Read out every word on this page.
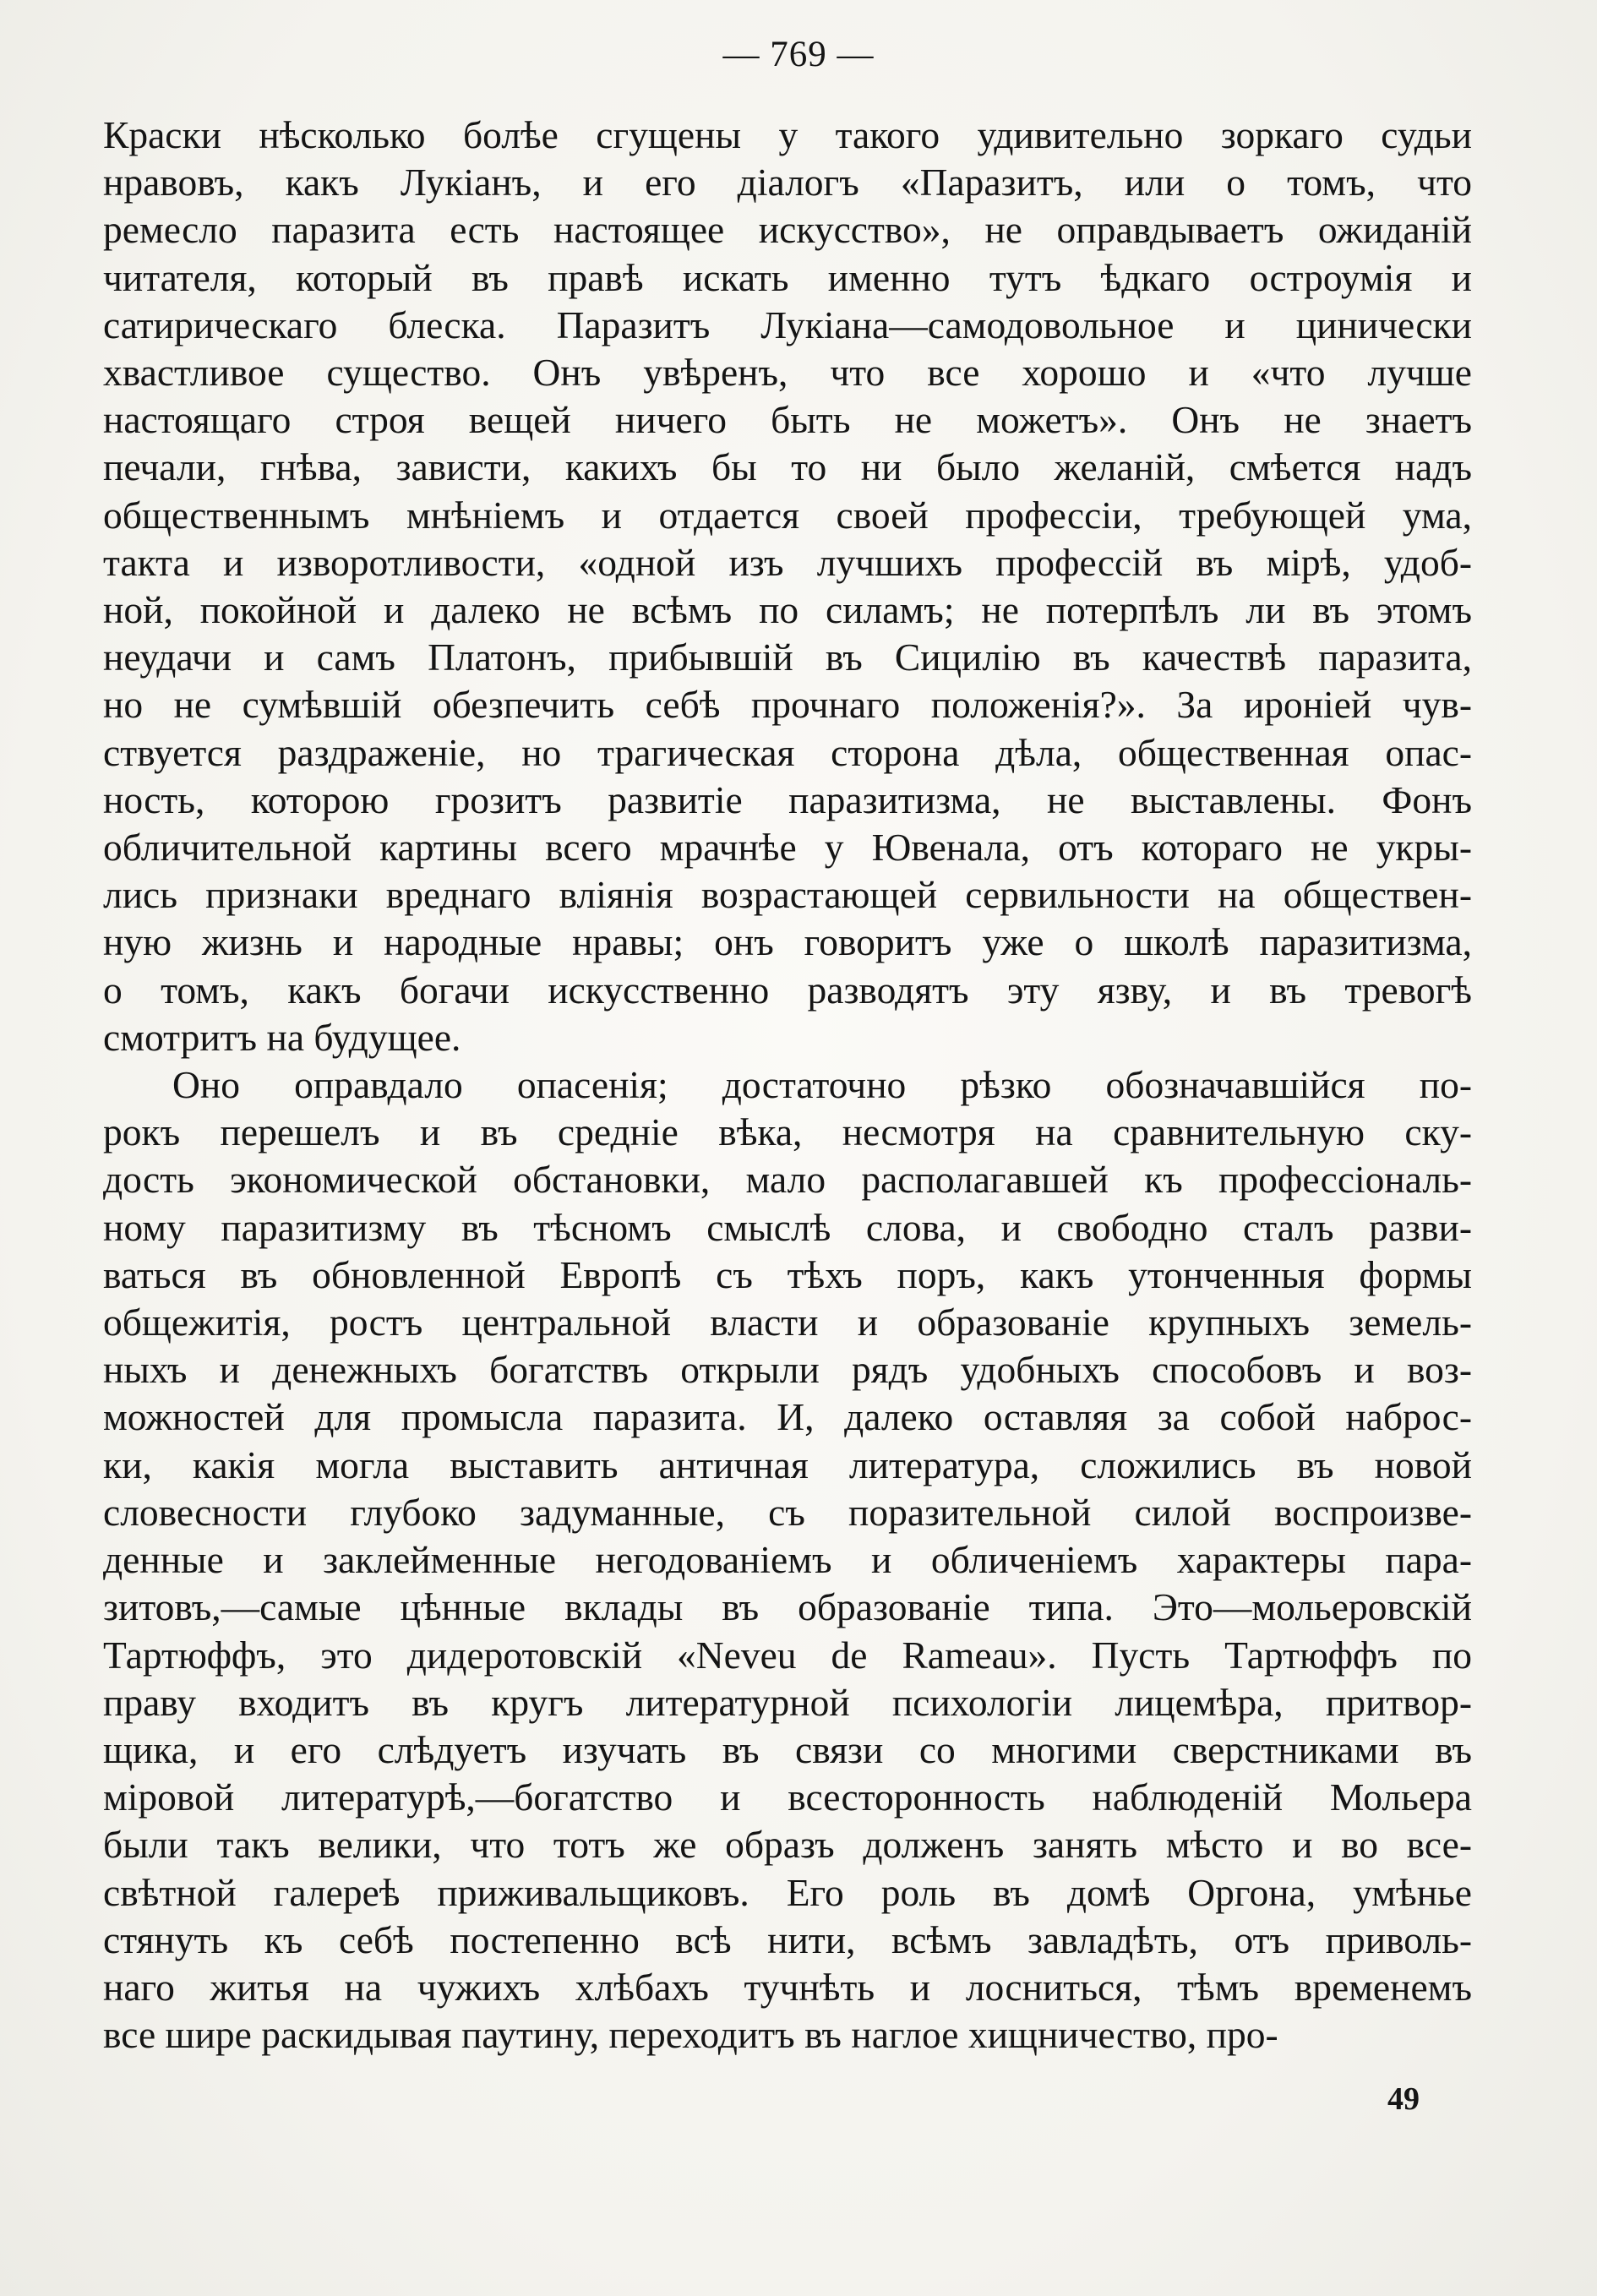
— 769 —
Краски нѣсколько болѣе сгущены у такого удивительно зоркаго судьи
нравовъ, какъ Лукіанъ, и его діалогъ «Паразитъ, или о томъ, что
ремесло паразита есть настоящее искусство», не оправдываетъ ожиданій
читателя, который въ правѣ искать именно тутъ ѣдкаго остроумія и
сатирическаго блеска. Паразитъ Лукіана—самодовольное и цинически
хвастливое существо. Онъ увѣренъ, что все хорошо и «что лучше
настоящаго строя вещей ничего быть не можетъ». Онъ не знаетъ
печали, гнѣва, зависти, какихъ бы то ни было желаній, смѣется надъ
общественнымъ мнѣніемъ и отдается своей профессіи, требующей ума,
такта и изворотливости, «одной изъ лучшихъ профессій въ мірѣ, удоб-
ной, покойной и далеко не всѣмъ по силамъ; не потерпѣлъ ли въ этомъ
неудачи и самъ Платонъ, прибывшій въ Сицилію въ качествѣ паразита,
но не сумѣвшій обезпечить себѣ прочнаго положенія?». За иронiей чув-
ствуется раздраженіе, но трагическая сторона дѣла, общественная опас-
ность, которою грозитъ развитіе паразитизма, не выставлены. Фонъ
обличительной картины всего мрачнѣе у Ювенала, отъ котораго не укры-
лись признаки вреднаго вліянія возрастающей сервильности на обществен-
ную жизнь и народные нравы; онъ говоритъ уже о школѣ паразитизма,
о томъ, какъ богачи искусственно разводятъ эту язву, и въ тревогѣ
смотритъ на будущее.
Оно оправдало опасенія; достаточно рѣзко обозначавшійся по-
рокъ перешелъ и въ средніе вѣка, несмотря на сравнительную ску-
дость экономической обстановки, мало располагавшей къ профессіональ-
ному паразитизму въ тѣсномъ смыслѣ слова, и свободно сталъ разви-
ваться въ обновленной Европѣ съ тѣхъ поръ, какъ утонченныя формы
общежитія, ростъ центральной власти и образованіе крупныхъ земель-
ныхъ и денежныхъ богатствъ открыли рядъ удобныхъ способовъ и воз-
можностей для промысла паразита. И, далеко оставляя за собой наброс-
ки, какія могла выставить античная литература, сложились въ новой
словесности глубоко задуманные, съ поразительной силой воспроизве-
денные и заклейменные негодованіемъ и обличеніемъ характеры пара-
зитовъ,—самые цѣнные вклады въ образованіе типа. Это—мольеровскій
Тартюффъ, это дидеротовскій «Neveu de Rameau». Пусть Тартюффъ по
праву входитъ въ кругъ литературной психологіи лицемѣра, притвор-
щика, и его слѣдуетъ изучать въ связи со многими сверстниками въ
міровой литературѣ,—богатство и всесторонность наблюденій Мольера
были такъ велики, что тотъ же образъ долженъ занять мѣсто и во все-
свѣтной галереѣ приживальщиковъ. Его роль въ домѣ Оргона, умѣнье
стянуть къ себѣ постепенно всѣ нити, всѣмъ завладѣть, отъ приволь-
наго житья на чужихъ хлѣбахъ тучнѣть и лосниться, тѣмъ временемъ
все шире раскидывая паутину, переходитъ въ наглое хищничество, про-
49
